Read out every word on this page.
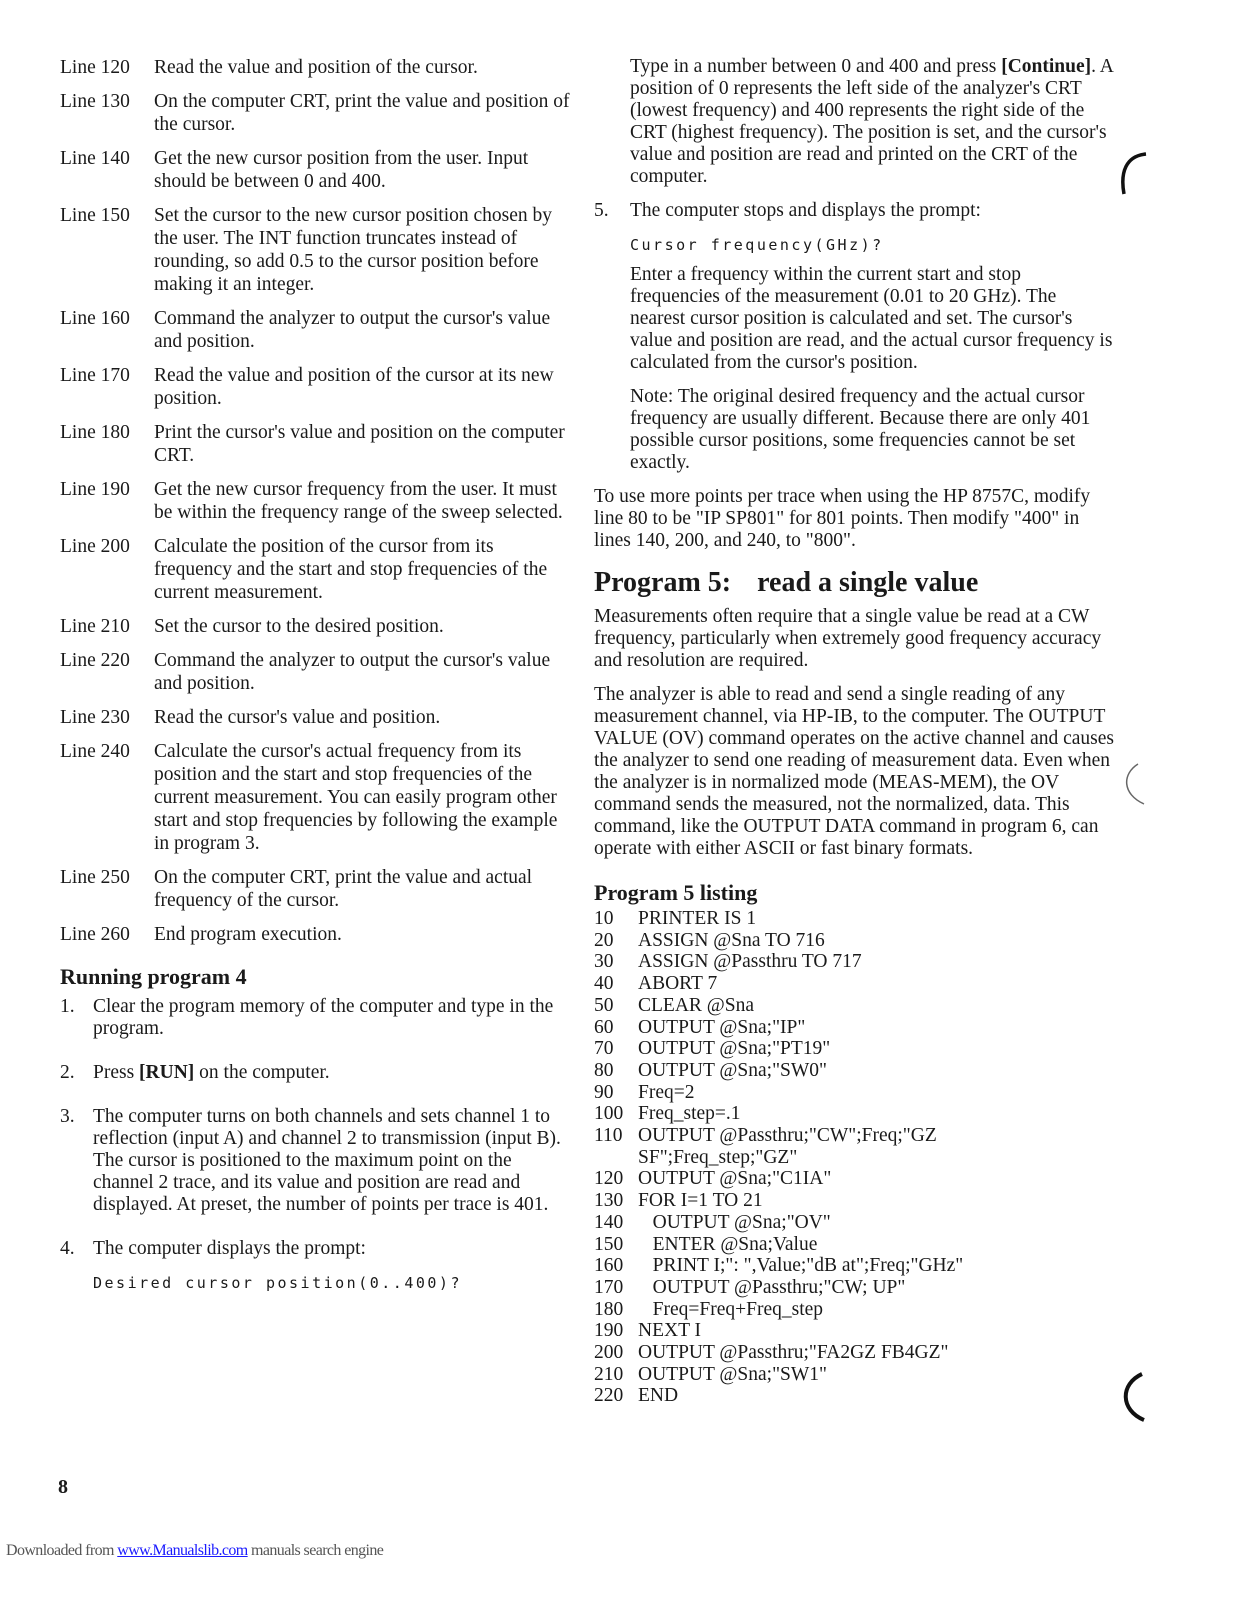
Line 120	Read the value and position of the cursor.
Line 130	On the computer CRT, print the value and position of the cursor.
Line 140	Get the new cursor position from the user. Input should be between 0 and 400.
Line 150	Set the cursor to the new cursor position chosen by the user. The INT function truncates instead of rounding, so add 0.5 to the cursor position before making it an integer.
Line 160	Command the analyzer to output the cursor's value and position.
Line 170	Read the value and position of the cursor at its new position.
Line 180	Print the cursor's value and position on the computer CRT.
Line 190	Get the new cursor frequency from the user. It must be within the frequency range of the sweep selected.
Line 200	Calculate the position of the cursor from its frequency and the start and stop frequencies of the current measurement.
Line 210	Set the cursor to the desired position.
Line 220	Command the analyzer to output the cursor's value and position.
Line 230	Read the cursor's value and position.
Line 240	Calculate the cursor's actual frequency from its position and the start and stop frequencies of the current measurement. You can easily program other start and stop frequencies by following the example in program 3.
Line 250	On the computer CRT, print the value and actual frequency of the cursor.
Line 260	End program execution.
Running program 4
1. Clear the program memory of the computer and type in the program.

2. Press [RUN] on the computer.

3. The computer turns on both channels and sets channel 1 to reflection (input A) and channel 2 to transmission (input B). The cursor is positioned to the maximum point on the channel 2 trace, and its value and position are read and displayed. At preset, the number of points per trace is 401.

4. The computer displays the prompt:

Desired cursor position(0..400)?

Type in a number between 0 and 400 and press [Continue]. A position of 0 represents the left side of the analyzer's CRT (lowest frequency) and 400 represents the right side of the CRT (highest frequency). The position is set, and the cursor's value and position are read and printed on the CRT of the computer.

5.	The computer stops and displays the prompt:

Cursor frequency(GHz)?

Enter a frequency within the current start and stop frequencies of the measurement (0.01 to 20 GHz). The nearest cursor position is calculated and set. The cursor's value and position are read, and the actual cursor frequency is calculated from the cursor's position.

Note: The original desired frequency and the actual cursor frequency are usually different. Because there are only 401 possible cursor positions, some frequencies cannot be set exactly.

To use more points per trace when using the HP 8757C, modify line 80 to be "IP SP801" for 801 points. Then modify "400" in lines 140, 200, and 240, to "800".

Program 5: read a single value

Measurements often require that a single value be read at a CW frequency, particularly when extremely good frequency accuracy and resolution are required.

The analyzer is able to read and send a single reading of any measurement channel, via HP-IB, to the computer. The OUTPUT VALUE (OV) command operates on the active channel and causes the analyzer to send one reading of measurement data. Even when the analyzer is in normalized mode (MEAS-MEM), the OV command sends the measured, not the normalized, data. This command, like the OUTPUT DATA command in program 6, can operate with either ASCII or fast binary formats.

Program 5 listing
10	PRINTER IS 1
20	ASSIGN @Sna TO 716
30	ASSIGN @Passthru TO 717
40	ABORT 7
50	CLEAR @Sna
60	OUTPUT @Sna;"IP"
70	OUTPUT @Sna;"PT19"
80	OUTPUT @Sna;"SW0"
90	Freq=2
100 Freq_step=.1
110 OUTPUT @Passthru;"CW";Freq;"GZ
SF";Freq_step;"GZ"
120 OUTPUT @Sna;"C1IA"
130 FOR I=1 TO 21
140 OUTPUT @Sna;"OV"
150 ENTER @Sna;Value
160 PRINT I;": ",Value;"dB at";Freq;"GHz"
170 OUTPUT @Passthru;"CW; UP"
180 Freq=Freq+Freq_step
190 NEXT I
200 OUTPUT @Passthru;"FA2GZ FB4GZ"
210 OUTPUT @Sna;"SW1"
220 END
8
Downloaded from www.Manualslib.com manuals search engine
